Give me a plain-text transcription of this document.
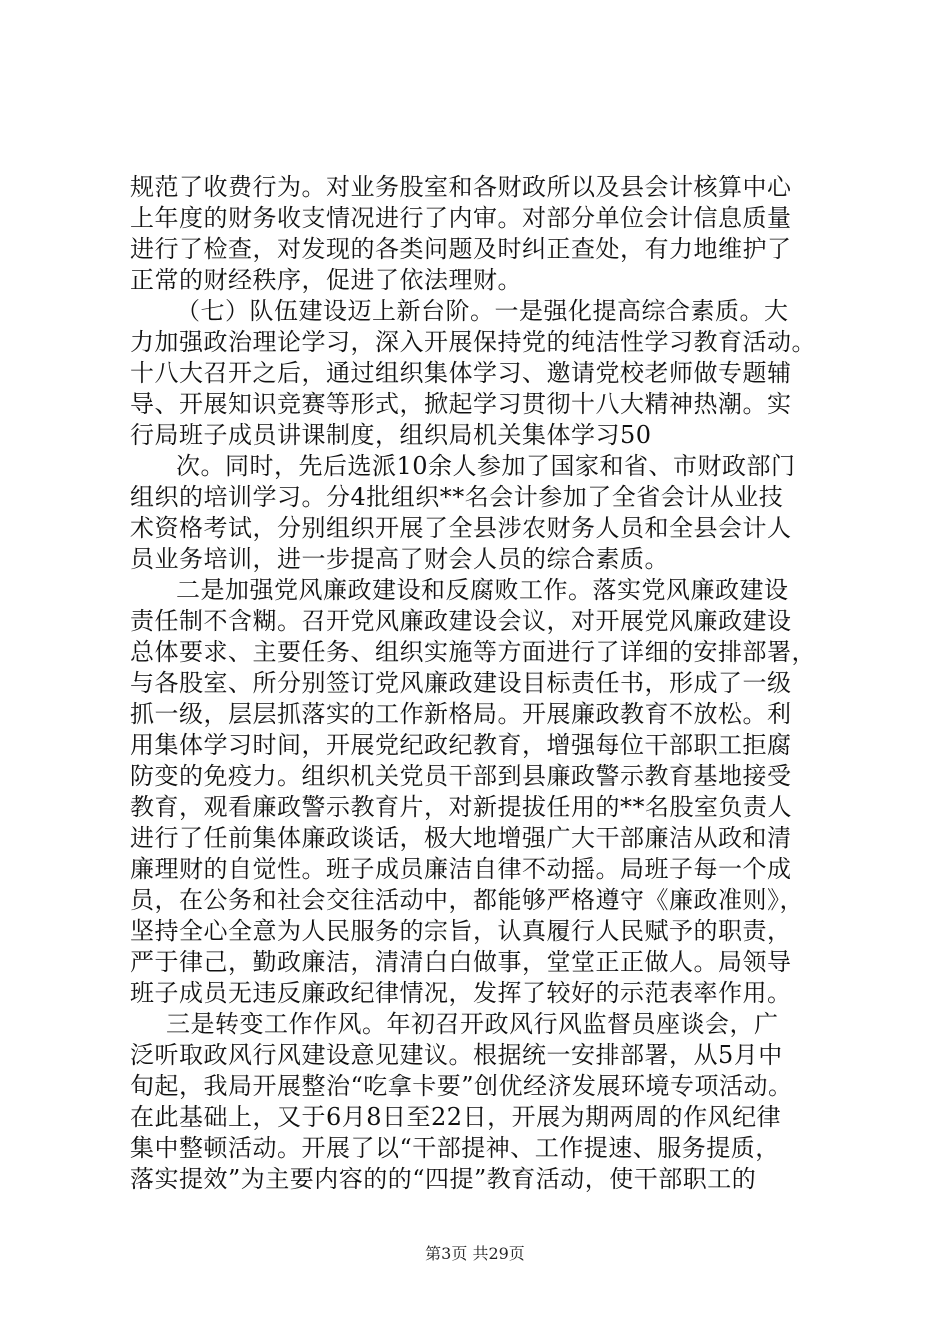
规范了收费行为。对业务股室和各财政所以及县会计核算中心
上年度的财务收支情况进行了内审。对部分单位会计信息质量
进行了检查，对发现的各类问题及时纠正查处，有力地维护了
正常的财经秩序，促进了依法理财。
（七）队伍建设迈上新台阶。一是强化提高综合素质。大
力加强政治理论学习，深入开展保持党的纯洁性学习教育活动。
十八大召开之后，通过组织集体学习、邀请党校老师做专题辅
导、开展知识竞赛等形式，掀起学习贯彻十八大精神热潮。实
行局班子成员讲课制度，组织局机关集体学习50
次。同时，先后选派10余人参加了国家和省、市财政部门
组织的培训学习。分4批组织**名会计参加了全省会计从业技
术资格考试，分别组织开展了全县涉农财务人员和全县会计人
员业务培训，进一步提高了财会人员的综合素质。
二是加强党风廉政建设和反腐败工作。落实党风廉政建设
责任制不含糊。召开党风廉政建设会议，对开展党风廉政建设
总体要求、主要任务、组织实施等方面进行了详细的安排部署，
与各股室、所分别签订党风廉政建设目标责任书，形成了一级
抓一级，层层抓落实的工作新格局。开展廉政教育不放松。利
用集体学习时间，开展党纪政纪教育，增强每位干部职工拒腐
防变的免疫力。组织机关党员干部到县廉政警示教育基地接受
教育，观看廉政警示教育片，对新提拔任用的**名股室负责人
进行了任前集体廉政谈话，极大地增强广大干部廉洁从政和清
廉理财的自觉性。班子成员廉洁自律不动摇。局班子每一个成
员，在公务和社会交往活动中，都能够严格遵守《廉政准则》，
坚持全心全意为人民服务的宗旨，认真履行人民赋予的职责，
严于律己，勤政廉洁，清清白白做事，堂堂正正做人。局领导
班子成员无违反廉政纪律情况，发挥了较好的示范表率作用。
三是转变工作作风。年初召开政风行风监督员座谈会，广
泛听取政风行风建设意见建议。根据统一安排部署，从5月中
旬起，我局开展整治“吃拿卡要”创优经济发展环境专项活动。
在此基础上，又于6月8日至22日，开展为期两周的作风纪律
集中整顿活动。开展了以“干部提神、工作提速、服务提质，
落实提效”为主要内容的的“四提”教育活动，使干部职工的
第3页 共29页
